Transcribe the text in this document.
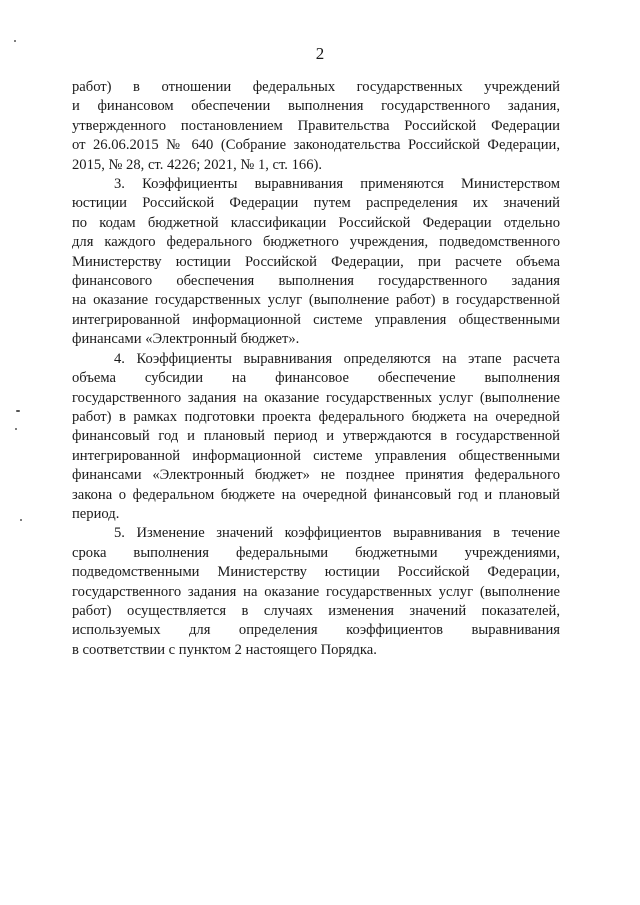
2

работ) в отношении федеральных государственных учреждений
и финансовом обеспечении выполнения государственного задания,
утвержденного постановлением Правительства Российской Федерации
от 26.06.2015 № 640 (Собрание законодательства Российской Федерации,
2015, № 28, ст. 4226; 2021, № 1, ст. 166).

3. Коэффициенты выравнивания применяются Министерством
юстиции Российской Федерации путем распределения их значений
по кодам бюджетной классификации Российской Федерации отдельно
для каждого федерального бюджетного учреждения, подведомственного
Министерству юстиции Российской Федерации, при расчете объема
финансового обеспечения выполнения государственного задания
на оказание государственных услуг (выполнение работ) в государственной
интегрированной информационной системе управления общественными
финансами «Электронный бюджет».

4. Коэффициенты выравнивания определяются на этапе расчета
объема субсидии на финансовое обеспечение выполнения
государственного задания на оказание государственных услуг (выполнение
работ) в рамках подготовки проекта федерального бюджета на очередной
финансовый год и плановый период и утверждаются в государственной
интегрированной информационной системе управления общественными
финансами «Электронный бюджет» не позднее принятия федерального
закона о федеральном бюджете на очередной финансовый год и плановый
период.

5. Изменение значений коэффициентов выравнивания в течение
срока выполнения федеральными бюджетными учреждениями,
подведомственными Министерству юстиции Российской Федерации,
государственного задания на оказание государственных услуг (выполнение
работ) осуществляется в случаях изменения значений показателей,
используемых для определения коэффициентов выравнивания
в соответствии с пунктом 2 настоящего Порядка.
